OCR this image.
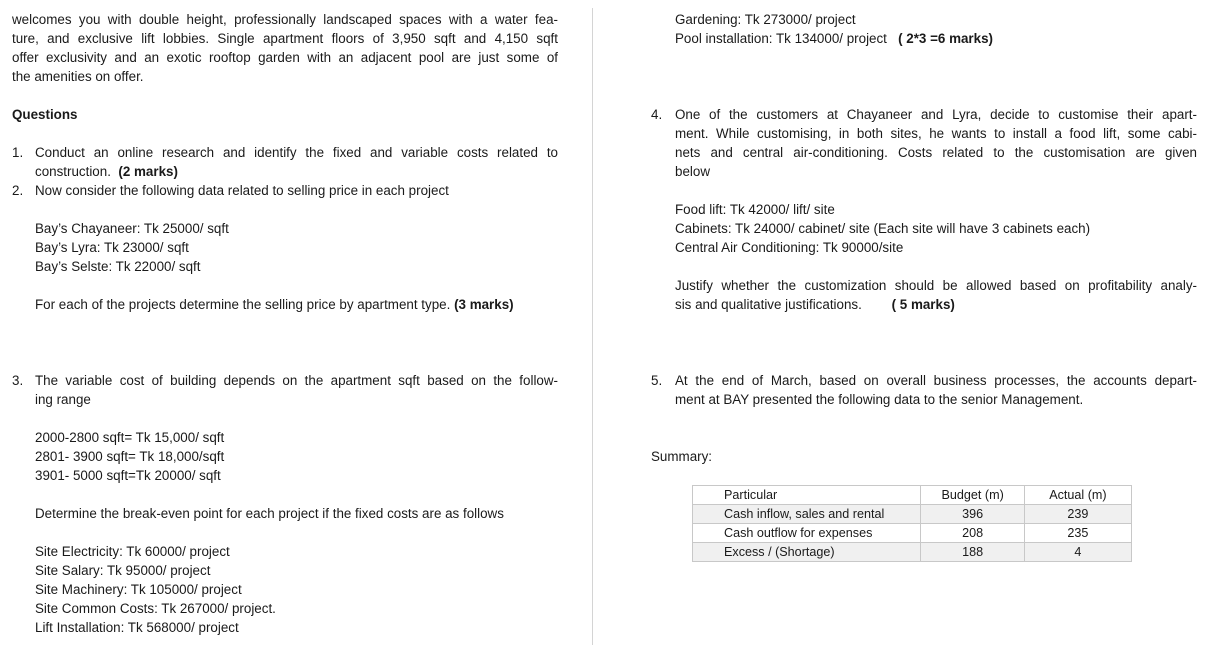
welcomes you with double height, professionally landscaped spaces with a water fea-
ture, and exclusive lift lobbies. Single apartment floors of 3,950 sqft and 4,150 sqft
offer exclusivity and an exotic rooftop garden with an adjacent pool are just some of
the amenities on offer.
Questions
1. Conduct an online research and identify the fixed and variable costs related to
construction. (2 marks)
2. Now consider the following data related to selling price in each project
Bay’s Chayaneer: Tk 25000/ sqft
Bay’s Lyra: Tk 23000/ sqft
Bay’s Selste: Tk 22000/ sqft
For each of the projects determine the selling price by apartment type. (3 marks)
3. The variable cost of building depends on the apartment sqft based on the follow-
ing range
2000-2800 sqft= Tk 15,000/ sqft
2801- 3900 sqft= Tk 18,000/sqft
3901- 5000 sqft=Tk 20000/ sqft
Determine the break-even point for each project if the fixed costs are as follows
Site Electricity: Tk 60000/ project
Site Salary: Tk 95000/ project
Site Machinery: Tk 105000/ project
Site Common Costs: Tk 267000/ project.
Lift Installation: Tk 568000/ project
Gardening: Tk 273000/ project
Pool installation: Tk 134000/ project ( 2*3 =6 marks)
4. One of the customers at Chayaneer and Lyra, decide to customise their apart-
ment. While customising, in both sites, he wants to install a food lift, some cabi-
nets and central air-conditioning. Costs related to the customisation are given
below
Food lift: Tk 42000/ lift/ site
Cabinets: Tk 24000/ cabinet/ site (Each site will have 3 cabinets each)
Central Air Conditioning: Tk 90000/site
Justify whether the customization should be allowed based on profitability analy-
sis and qualitative justifications. ( 5 marks)
5. At the end of March, based on overall business processes, the accounts depart-
ment at BAY presented the following data to the senior Management.
Summary:
Particular	Budget (m)	Actual (m)
Cash inflow, sales and rental	396	239
Cash outflow for expenses	208	235
Excess / (Shortage)	188	4
